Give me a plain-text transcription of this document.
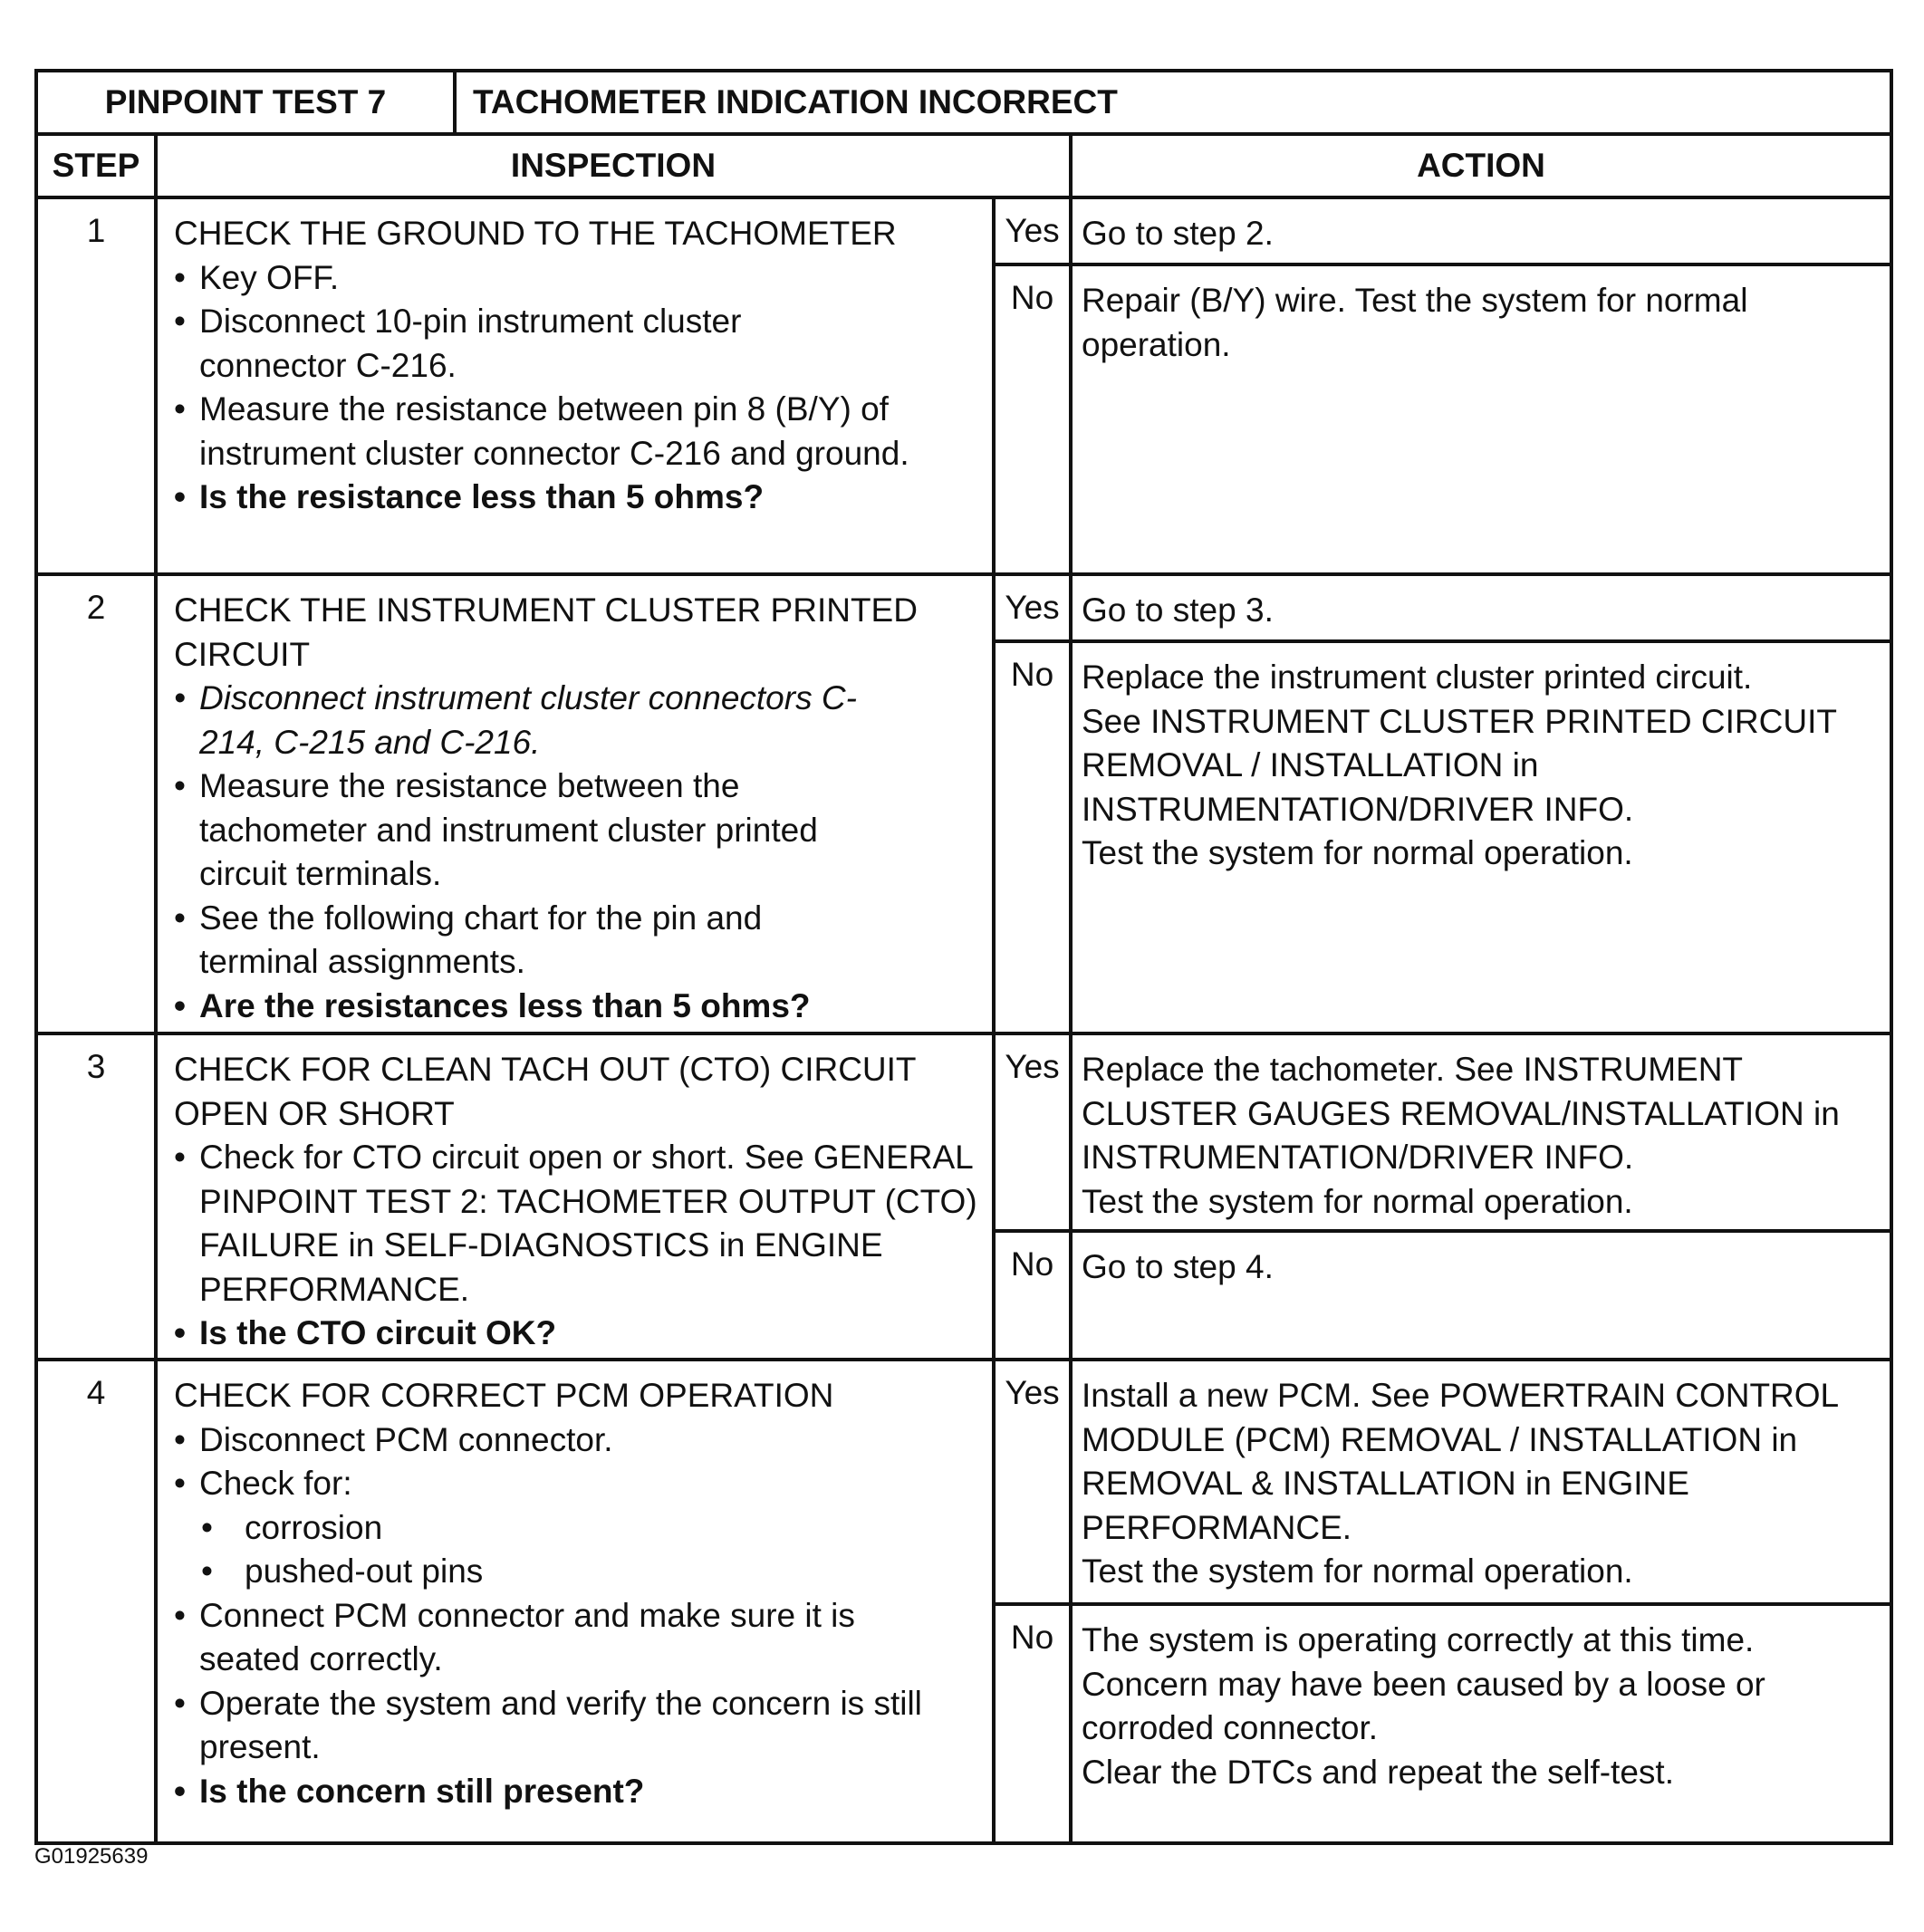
PINPOINT TEST 7	TACHOMETER INDICATION INCORRECT
STEP	INSPECTION	ACTION
1	CHECK THE GROUND TO THE TACHOMETER
• Key OFF.
• Disconnect 10-pin instrument cluster connector C-216.
• Measure the resistance between pin 8 (B/Y) of instrument cluster connector C-216 and ground.
• Is the resistance less than 5 ohms?
Yes Go to step 2.
No Repair (B/Y) wire. Test the system for normal operation.
2	CHECK THE INSTRUMENT CLUSTER PRINTED CIRCUIT
• Disconnect instrument cluster connectors C-214, C-215 and C-216.
• Measure the resistance between the tachometer and instrument cluster printed circuit terminals.
• See the following chart for the pin and terminal assignments.
• Are the resistances less than 5 ohms?
Yes Go to step 3.
No Replace the instrument cluster printed circuit.
See INSTRUMENT CLUSTER PRINTED CIRCUIT REMOVAL / INSTALLATION in INSTRUMENTATION/DRIVER INFO.
Test the system for normal operation.
3	CHECK FOR CLEAN TACH OUT (CTO) CIRCUIT OPEN OR SHORT
• Check for CTO circuit open or short. See GENERAL PINPOINT TEST 2: TACHOMETER OUTPUT (CTO) FAILURE in SELF-DIAGNOSTICS in ENGINE PERFORMANCE.
• Is the CTO circuit OK?
Yes Replace the tachometer. See INSTRUMENT CLUSTER GAUGES REMOVAL/INSTALLATION in INSTRUMENTATION/DRIVER INFO.
Test the system for normal operation.
No Go to step 4.
4	CHECK FOR CORRECT PCM OPERATION
• Disconnect PCM connector.
• Check for:
• corrosion
• pushed-out pins
• Connect PCM connector and make sure it is seated correctly.
• Operate the system and verify the concern is still present.
• Is the concern still present?
Yes Install a new PCM. See POWERTRAIN CONTROL MODULE (PCM) REMOVAL / INSTALLATION in REMOVAL & INSTALLATION in ENGINE PERFORMANCE.
Test the system for normal operation.
No The system is operating correctly at this time.
Concern may have been caused by a loose or corroded connector.
Clear the DTCs and repeat the self-test.
G01925639
